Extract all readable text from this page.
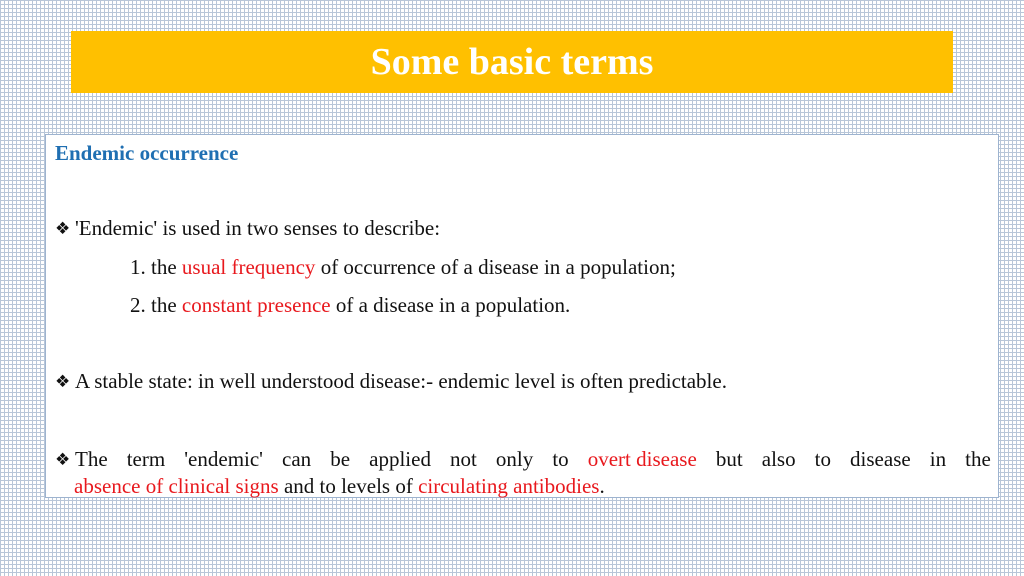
Some basic terms
Endemic occurrence
❖ 'Endemic' is used in two senses to describe:
1. the usual frequency of occurrence of a disease in a population;
2. the constant presence of a disease in a population.
❖ A stable state: in well understood disease:- endemic level is often predictable.
❖ The term 'endemic' can be applied not only to overt disease but also to disease in the
absence of clinical signs and to levels of circulating antibodies.
